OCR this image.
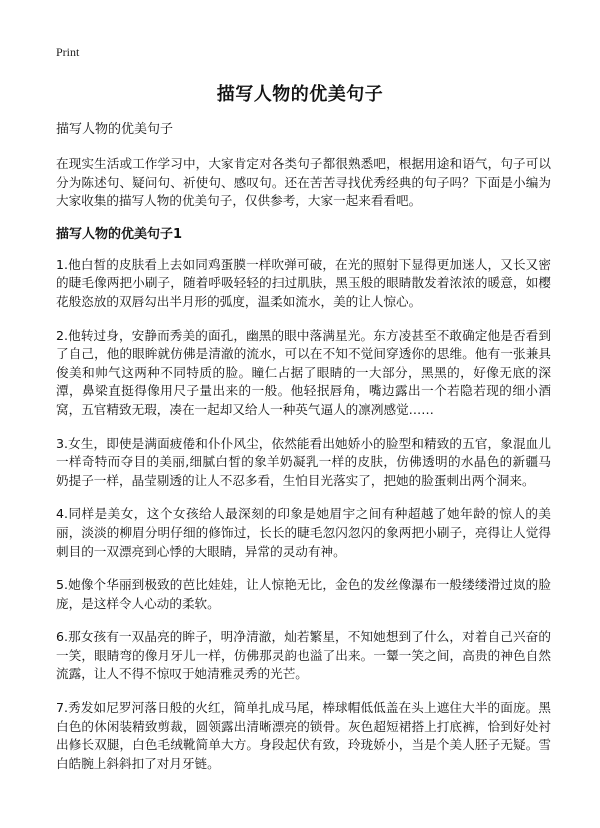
Print
描写人物的优美句子

描写人物的优美句子

在现实生活或工作学习中，大家肯定对各类句子都很熟悉吧，根据用途和语气，句子可以分为陈述句、疑问句、祈使句、感叹句。还在苦苦寻找优秀经典的句子吗？下面是小编为大家收集的描写人物的优美句子，仅供参考，大家一起来看看吧。

描写人物的优美句子1

1.他白皙的皮肤看上去如同鸡蛋膜一样吹弹可破，在光的照射下显得更加迷人，又长又密的睫毛像两把小刷子，随着呼吸轻轻的扫过肌肤，黑玉般的眼睛散发着浓浓的暖意，如樱花般恣放的双唇勾出半月形的弧度，温柔如流水，美的让人惊心。

2.他转过身，安静而秀美的面孔，幽黑的眼中落满星光。东方凌甚至不敢确定他是否看到了自己，他的眼眸就仿佛是清澈的流水，可以在不知不觉间穿透你的思维。他有一张兼具俊美和帅气这两种不同特质的脸。瞳仁占据了眼睛的一大部分，黑黑的，好像无底的深潭，鼻梁直挺得像用尺子量出来的一般。他轻抿唇角，嘴边露出一个若隐若现的细小酒窝，五官精致无瑕，凑在一起却又给人一种英气逼人的凛冽感觉……

3.女生，即使是满面疲倦和仆仆风尘，依然能看出她娇小的脸型和精致的五官，象混血儿一样奇特而夺目的美丽,细腻白皙的象羊奶凝乳一样的皮肤，仿佛透明的水晶色的新疆马奶提子一样，晶莹剔透的让人不忍多看，生怕目光落实了，把她的脸蛋刺出两个洞来。

4.同样是美女，这个女孩给人最深刻的印象是她眉宇之间有种超越了她年龄的惊人的美丽，淡淡的柳眉分明仔细的修饰过，长长的睫毛忽闪忽闪的象两把小刷子，亮得让人觉得刺目的一双漂亮到心悸的大眼睛，异常的灵动有神。

5.她像个华丽到极致的芭比娃娃，让人惊艳无比，金色的发丝像瀑布一般缕缕滑过岚的脸庞，是这样令人心动的柔软。

6.那女孩有一双晶亮的眸子，明净清澈，灿若繁星，不知她想到了什么，对着自己兴奋的一笑，眼睛弯的像月牙儿一样，仿佛那灵韵也溢了出来。一颦一笑之间，高贵的神色自然流露，让人不得不惊叹于她清雅灵秀的光芒。

7.秀发如尼罗河落日般的火红，简单扎成马尾，棒球帽低低盖在头上遮住大半的面庞。黑白色的休闲装精致剪裁，圆领露出清晰漂亮的锁骨。灰色超短裙搭上打底裤，恰到好处衬出修长双腿，白色毛绒靴简单大方。身段起伏有致，玲珑娇小，当是个美人胚子无疑。雪白皓腕上斜斜扣了对月牙链。
